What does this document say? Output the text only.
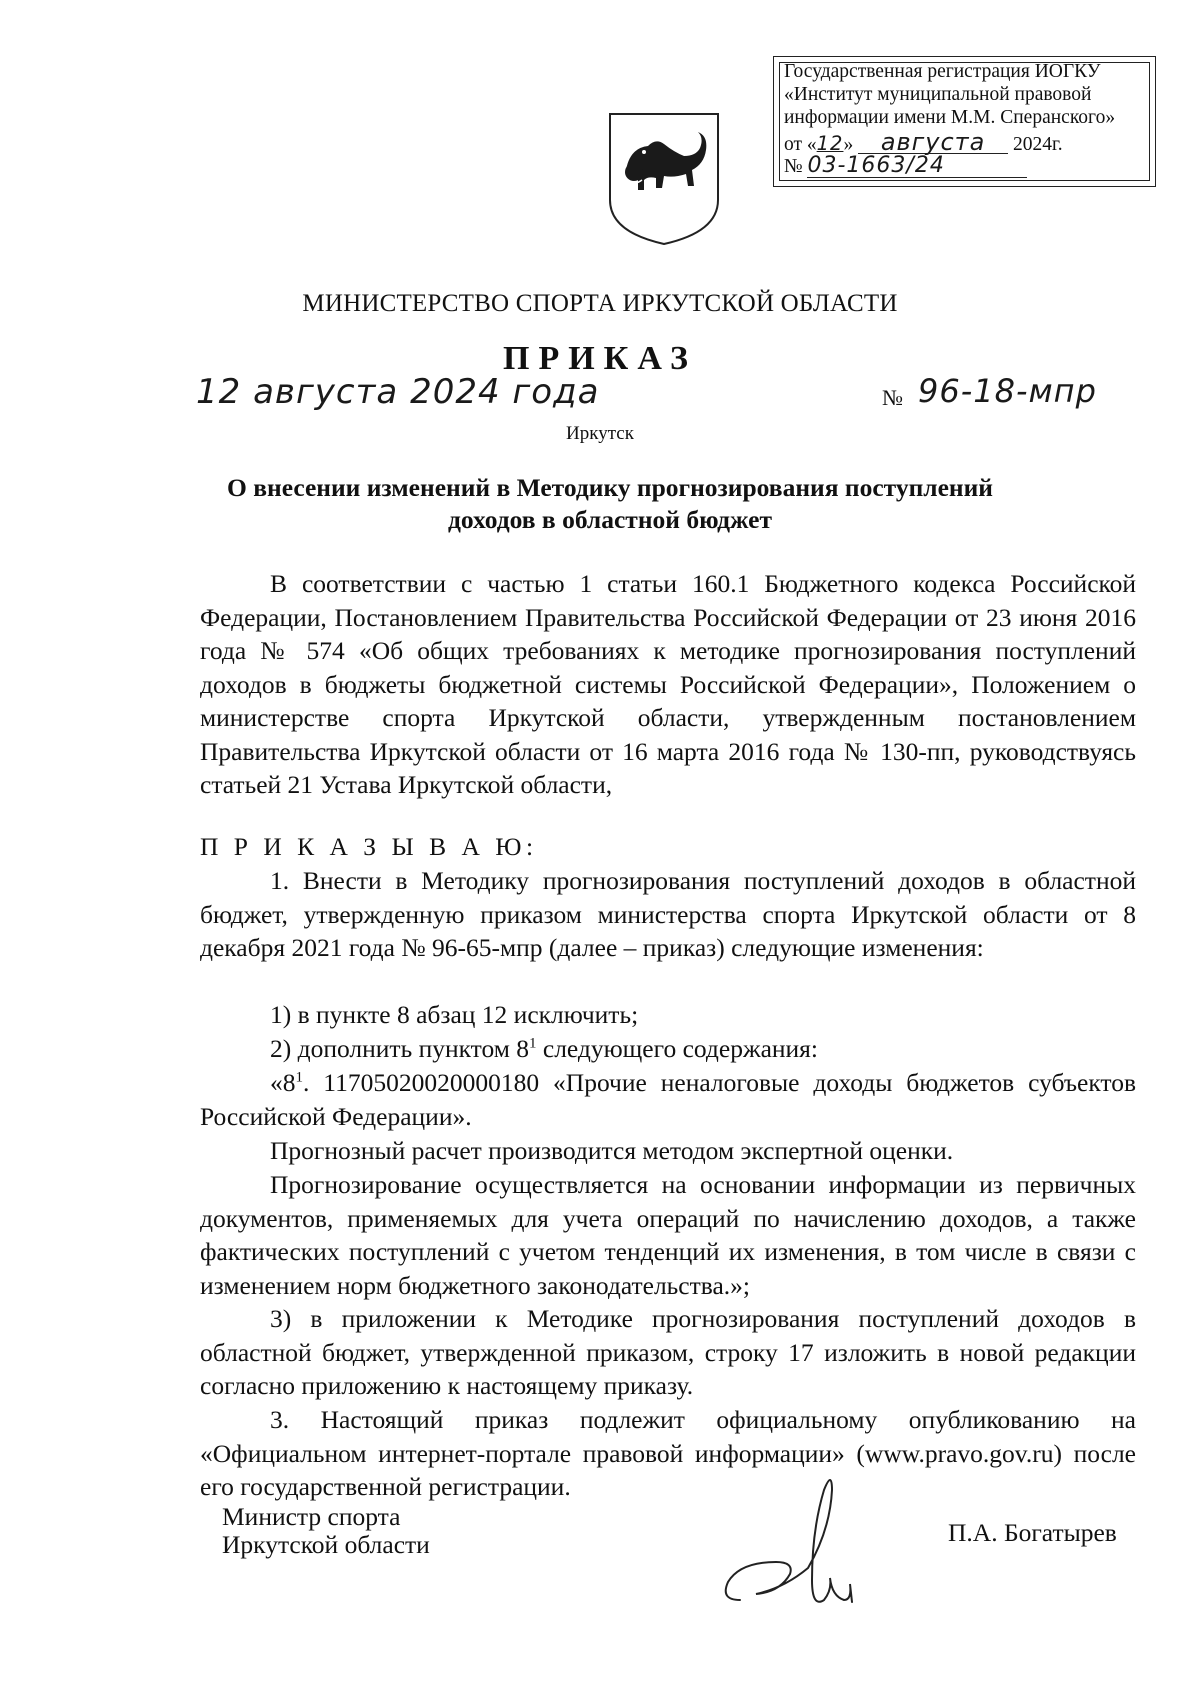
Государственная регистрация ИОГКУ
«Институт муниципальной правовой
информации имени М.М. Сперанского»
от «12» августа 2024г.
№ 03-1663/24
МИНИСТЕРСТВО СПОРТА ИРКУТСКОЙ ОБЛАСТИ
ПРИКАЗ
12 августа 2024 года	№ 96-18-мпр
Иркутск
О внесении изменений в Методику прогнозирования поступлений
доходов в областной бюджет
В соответствии с частью 1 статьи 160.1 Бюджетного кодекса Российской Федерации, Постановлением Правительства Российской Федерации от 23 июня 2016 года № 574 «Об общих требованиях к методике прогнозирования поступлений доходов в бюджеты бюджетной системы Российской Федерации», Положением о министерстве спорта Иркутской области, утвержденным постановлением Правительства Иркутской области от 16 марта 2016 года № 130-пп, руководствуясь статьей 21 Устава Иркутской области,
П Р И К А З Ы В А Ю:
1. Внести в Методику прогнозирования поступлений доходов в областной бюджет, утвержденную приказом министерства спорта Иркутской области от 8 декабря 2021 года № 96-65-мпр (далее – приказ) следующие изменения:
1) в пункте 8 абзац 12 исключить;
2) дополнить пунктом $8^1$ следующего содержания:
«$8^1$. 11705020020000180 «Прочие неналоговые доходы бюджетов субъектов Российской Федерации».
Прогнозный расчет производится методом экспертной оценки.
Прогнозирование осуществляется на основании информации из первичных документов, применяемых для учета операций по начислению доходов, а также фактических поступлений с учетом тенденций их изменения, в том числе в связи с изменением норм бюджетного законодательства.»;
3) в приложении к Методике прогнозирования поступлений доходов в областной бюджет, утвержденной приказом, строку 17 изложить в новой редакции согласно приложению к настоящему приказу.
3. Настоящий приказ подлежит официальному опубликованию на «Официальном интернет-портале правовой информации» (www.pravo.gov.ru) после его государственной регистрации.
Министр спорта
Иркутской области	П.А. Богатырев
